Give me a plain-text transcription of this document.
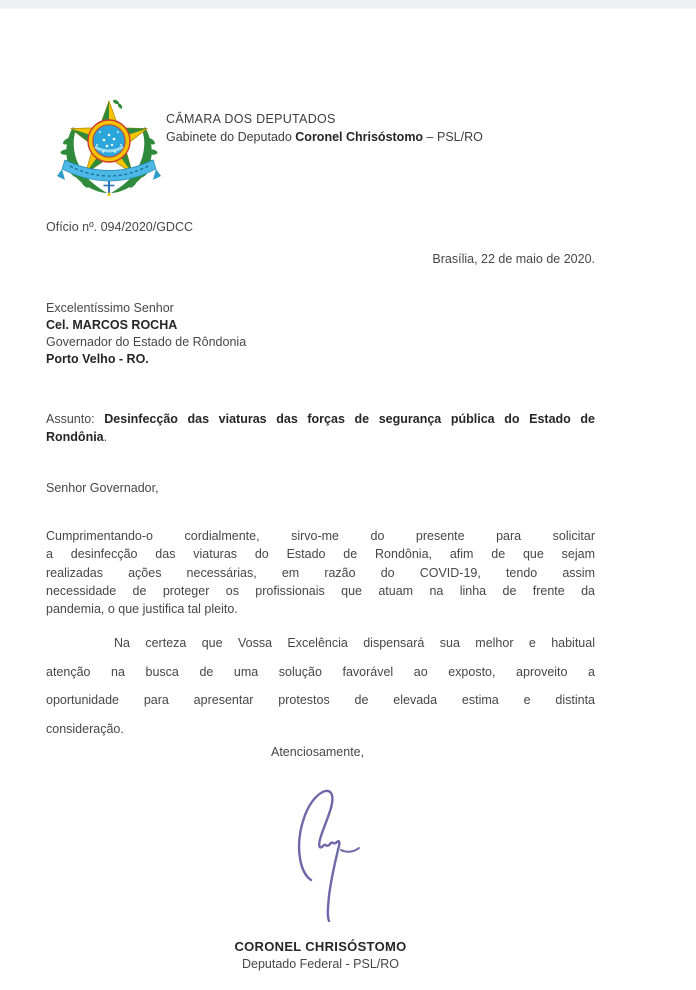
CÂMARA DOS DEPUTADOS
Gabinete do Deputado Coronel Chrisóstomo – PSL/RO
Ofício nº. 094/2020/GDCC
Brasília, 22 de maio de 2020.
Excelentíssimo Senhor
Cel. MARCOS ROCHA
Governador do Estado de Rôndonia
Porto Velho - RO.
Assunto: Desinfecção das viaturas das forças de segurança pública do Estado de
Rondônia.
Senhor Governador,
Cumprimentando-o cordialmente, sirvo-me do presente para solicitar
a desinfecção das viaturas do Estado de Rondônia, afim de que sejam
realizadas ações necessárias, em razão do COVID-19, tendo assim
necessidade de proteger os profissionais que atuam na linha de frente da
pandemia, o que justifica tal pleito.
Na certeza que Vossa Excelência dispensará sua melhor e habitual
atenção na busca de uma solução favorável ao exposto, aproveito a
oportunidade para apresentar protestos de elevada estima e distinta
consideração.
Atenciosamente,
CORONEL CHRISÓSTOMO
Deputado Federal - PSL/RO
